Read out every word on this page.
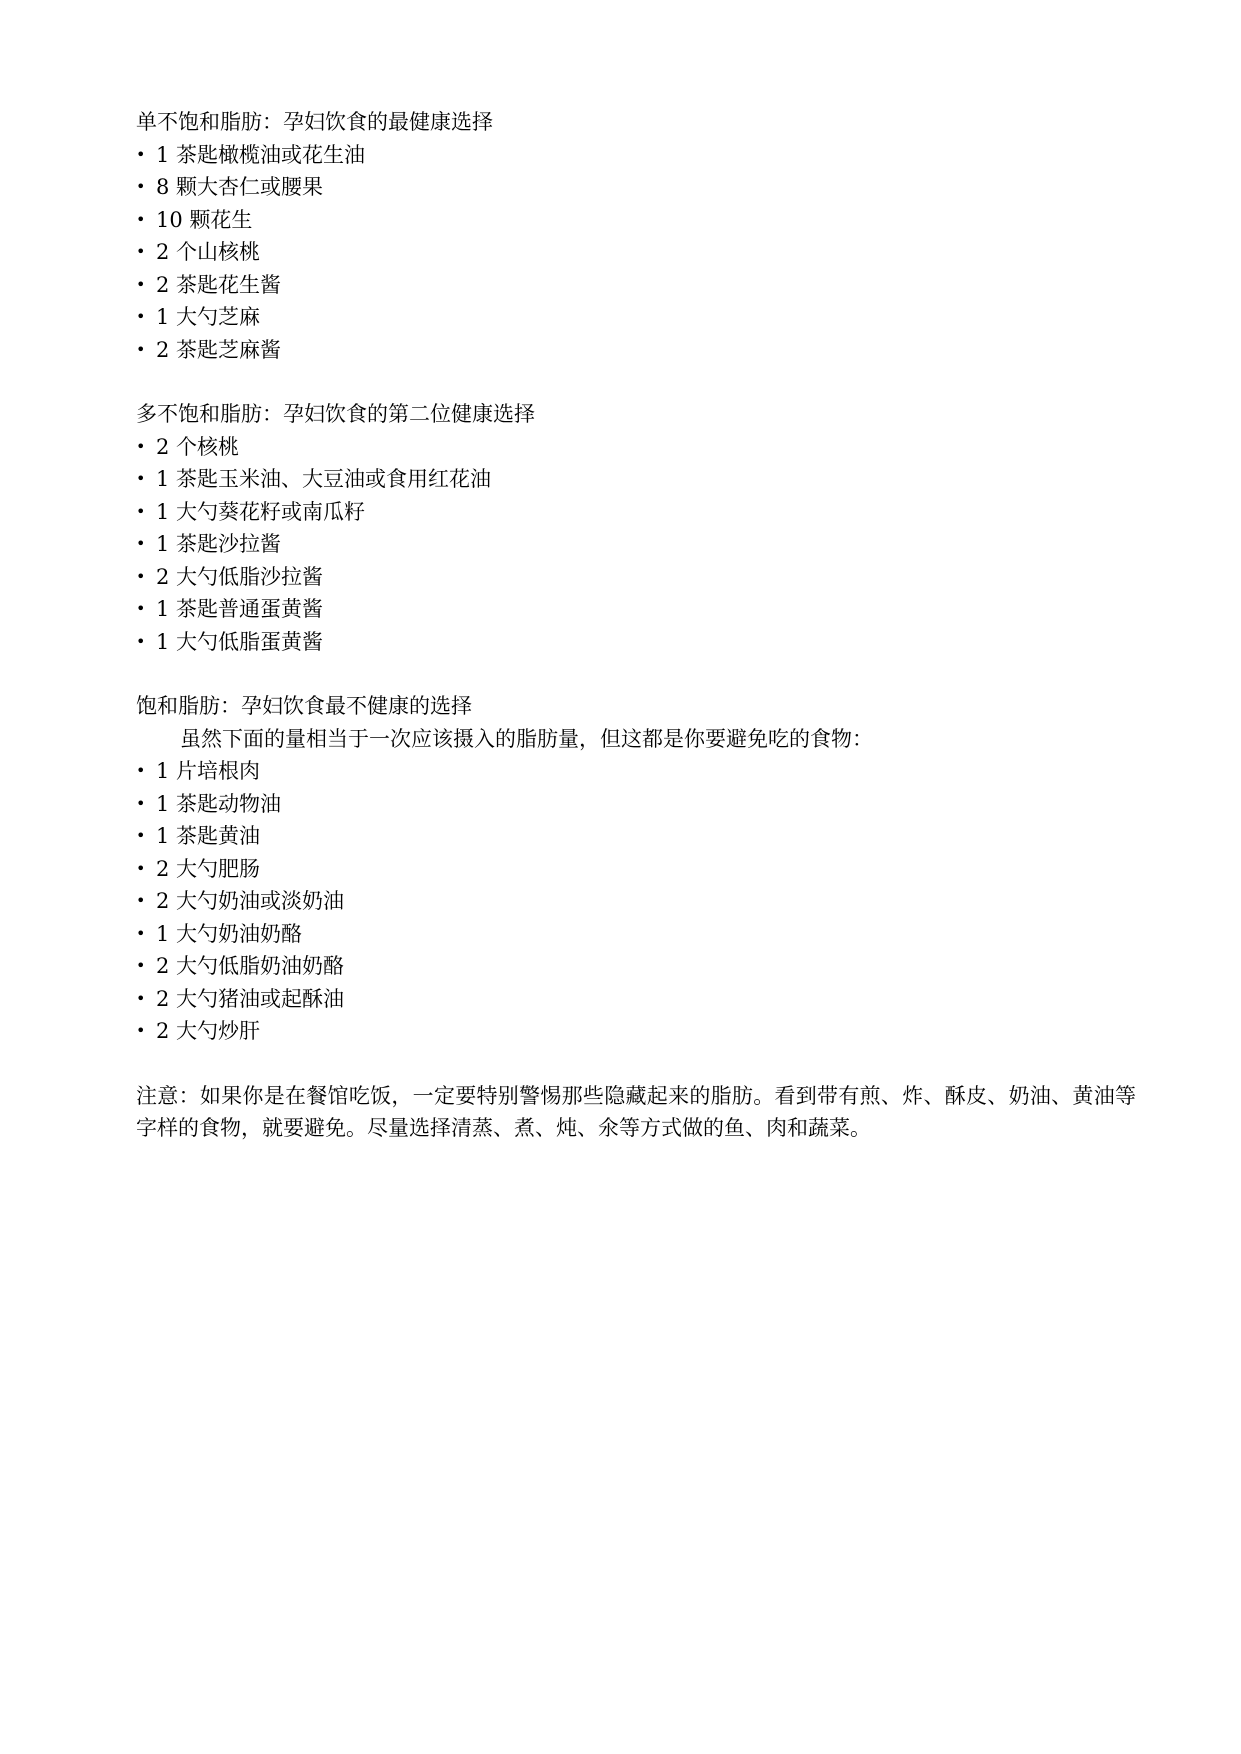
单不饱和脂肪：孕妇饮食的最健康选择
• 1 茶匙橄榄油或花生油
• 8 颗大杏仁或腰果
• 10 颗花生
• 2 个山核桃
• 2 茶匙花生酱
• 1 大勺芝麻
• 2 茶匙芝麻酱
多不饱和脂肪：孕妇饮食的第二位健康选择
• 2 个核桃
• 1 茶匙玉米油、大豆油或食用红花油
• 1 大勺葵花籽或南瓜籽
• 1 茶匙沙拉酱
• 2 大勺低脂沙拉酱
• 1 茶匙普通蛋黄酱
• 1 大勺低脂蛋黄酱
饱和脂肪：孕妇饮食最不健康的选择
虽然下面的量相当于一次应该摄入的脂肪量，但这都是你要避免吃的食物：
• 1 片培根肉
• 1 茶匙动物油
• 1 茶匙黄油
• 2 大勺肥肠
• 2 大勺奶油或淡奶油
• 1 大勺奶油奶酪
• 2 大勺低脂奶油奶酪
• 2 大勺猪油或起酥油
• 2 大勺炒肝
注意：如果你是在餐馆吃饭，一定要特别警惕那些隐藏起来的脂肪。看到带有煎、炸、酥皮、奶油、黄油等字样的食物，就要避免。尽量选择清蒸、煮、炖、氽等方式做的鱼、肉和蔬菜。
